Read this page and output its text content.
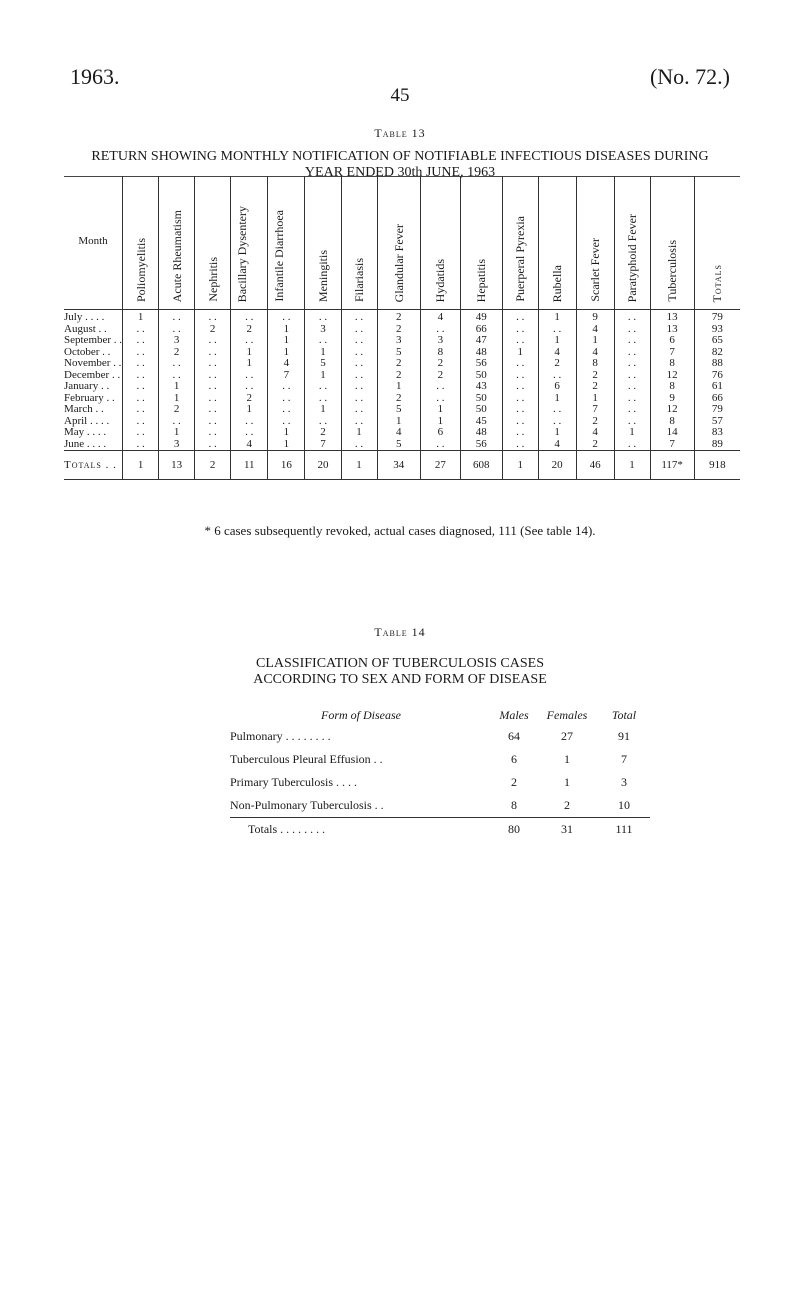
1963.
45
(No. 72.)
Table 13
RETURN SHOWING MONTHLY NOTIFICATION OF NOTIFIABLE INFECTIOUS DISEASES DURING
YEAR ENDED 30th JUNE, 1963
Month	Poliomyelitis	Acute Rheumatism	Nephritis	Bacillary Dysentery	Infantile Diarrhoea	Meningitis	Filariasis	Glandular Fever	Hydatids	Hepatitis	Puerperal Pyrexia	Rubella	Scarlet Fever	Paratyphoid Fever	Tuberculosis	Totals
July . . . .	1	. .	. .	. .	. .	. .	. .	2	4	49	. .	1	9	. .	13	79
August . .	. .	. .	2	2	1	3	. .	2	. .	66	. .	. .	4	. .	13	93
September . .	. .	3	. .	. .	1	. .	. .	3	3	47	. .	1	1	. .	6	65
October . .	. .	2	. .	1	1	1	. .	5	8	48	1	4	4	. .	7	82
November . .	. .	. .	. .	1	4	5	. .	2	2	56	. .	2	8	. .	8	88
December . .	. .	. .	. .	. .	7	1	. .	2	2	50	. .	. .	2	. .	12	76
January . .	. .	1	. .	. .	. .	. .	. .	1	. .	43	. .	6	2	. .	8	61
February . .	. .	1	. .	2	. .	. .	. .	2	. .	50	. .	1	1	. .	9	66
March . .	. .	2	. .	1	. .	1	. .	5	1	50	. .	. .	7	. .	12	79
April . . . .	. .	. .	. .	. .	. .	. .	. .	1	1	45	. .	. .	2	. .	8	57
May . . . .	. .	1	. .	. .	1	2	1	4	6	48	. .	1	4	1	14	83
June . . . .	. .	3	. .	4	1	7	. .	5	. .	56	. .	4	2	. .	7	89
Totals . .	1	13	2	11	16	20	1	34	27	608	1	20	46	1	117*	918
* 6 cases subsequently revoked, actual cases diagnosed, 111 (See table 14).
Table 14
CLASSIFICATION OF TUBERCULOSIS CASES
ACCORDING TO SEX AND FORM OF DISEASE
Form of Disease	Males	Females	Total
Pulmonary . . . . . . . .	64	27	91
Tuberculous Pleural Effusion . .	6	1	7
Primary Tuberculosis . . . .	2	1	3
Non-Pulmonary Tuberculosis . .	8	2	10
Totals . . . . . . . .	80	31	111
